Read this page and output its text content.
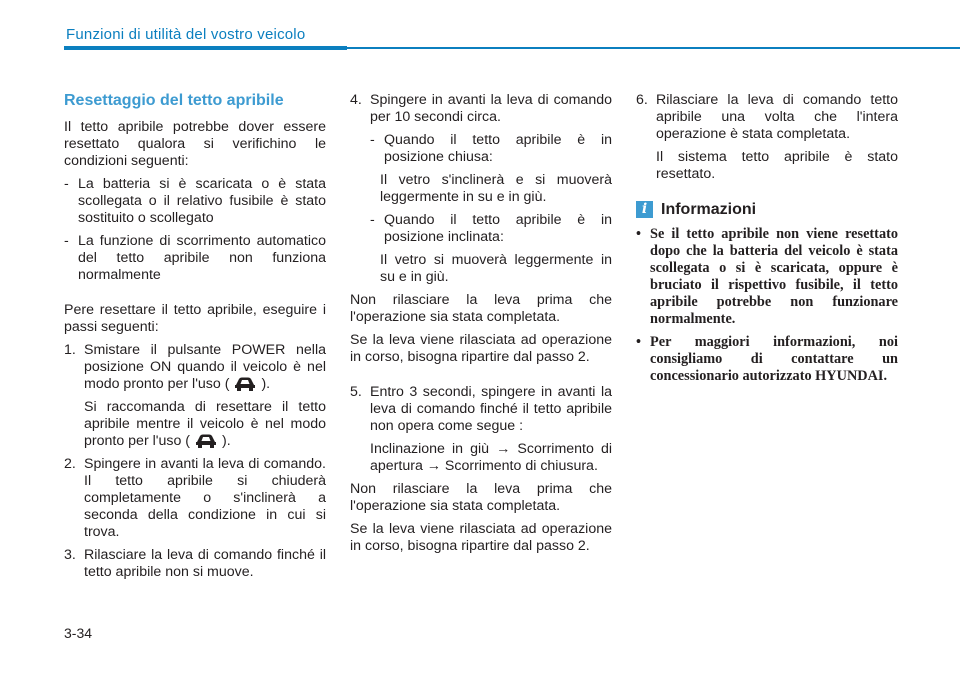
Funzioni di utilità del vostro veicolo
Resettaggio del tetto apribile

Il tetto apribile potrebbe dover essere resettato qualora si verifichino le condizioni seguenti:

- La batteria si è scaricata o è stata scollegata o il relativo fusibile è stato sostituito o scollegato
- La funzione di scorrimento automatico del tetto apribile non funziona normalmente

Pere resettare il tetto apribile, eseguire i passi seguenti:

1. Smistare il pulsante POWER nella posizione ON quando il veicolo è nel modo pronto per l'uso ( ).

Si raccomanda di resettare il tetto apribile mentre il veicolo è nel modo pronto per l'uso ( ).

2. Spingere in avanti la leva di comando. Il tetto apribile si chiuderà completamente o s'inclinerà a seconda della condizione in cui si trova.
3. Rilasciare la leva di comando finché il tetto apribile non si muove.
4. Spingere in avanti la leva di comando per 10 secondi circa.
- Quando il tetto apribile è in posizione chiusa:

Il vetro s'inclinerà e si muoverà leggermente in su e in giù.

- Quando il tetto apribile è in posizione inclinata:

Il vetro si muoverà leggermente in su e in giù.

Non rilasciare la leva prima che l'operazione sia stata completata.

Se la leva viene rilasciata ad operazione in corso, bisogna ripartire dal passo 2.

5. Entro 3 secondi, spingere in avanti la leva di comando finché il tetto apribile non opera come segue :

Inclinazione in giù → Scorrimento di apertura → Scorrimento di chiusura.

Non rilasciare la leva prima che l'operazione sia stata completata.

Se la leva viene rilasciata ad operazione in corso, bisogna ripartire dal passo 2.

6. Rilasciare la leva di comando tetto apribile una volta che l'intera operazione è stata completata.

Il sistema tetto apribile è stato resettato.

i Informazioni
• Se il tetto apribile non viene resettato dopo che la batteria del veicolo è stata scollegata o si è scaricata, oppure è bruciato il rispettivo fusibile, il tetto apribile potrebbe non funzionare normalmente.
• Per maggiori informazioni, noi consigliamo di contattare un concessionario autorizzato HYUNDAI.
3-34
